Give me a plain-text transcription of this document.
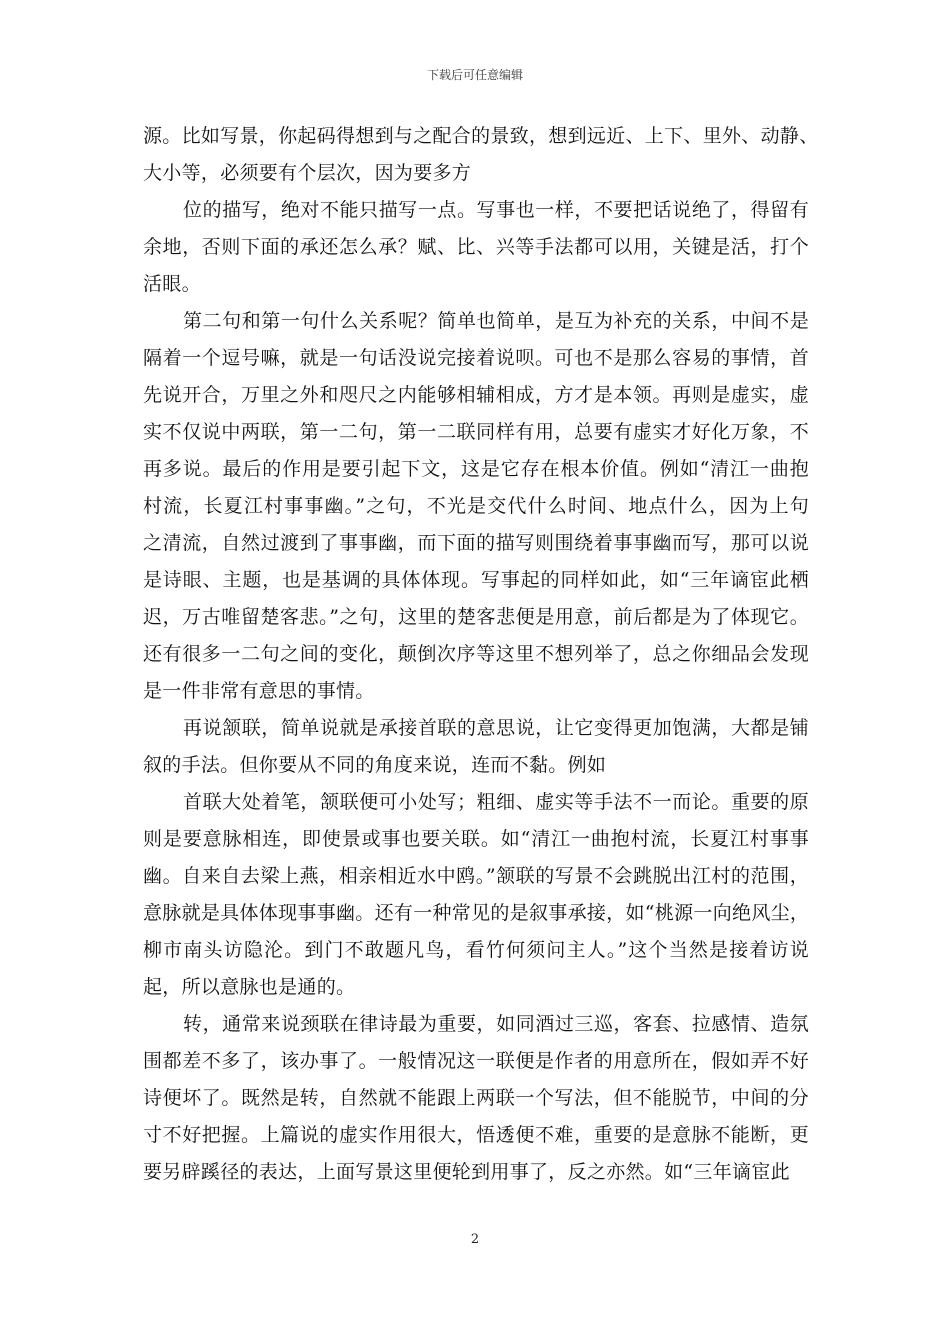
下载后可任意编辑
源。比如写景，你起码得想到与之配合的景致，想到远近、上下、里外、动静、
大小等，必须要有个层次，因为要多方
位的描写，绝对不能只描写一点。写事也一样，不要把话说绝了，得留有
余地，否则下面的承还怎么承？赋、比、兴等手法都可以用，关键是活，打个
活眼。
第二句和第一句什么关系呢？简单也简单，是互为补充的关系，中间不是
隔着一个逗号嘛，就是一句话没说完接着说呗。可也不是那么容易的事情，首
先说开合，万里之外和咫尺之内能够相辅相成，方才是本领。再则是虚实，虚
实不仅说中两联，第一二句，第一二联同样有用，总要有虚实才好化万象，不
再多说。最后的作用是要引起下文，这是它存在根本价值。例如“清江一曲抱
村流，长夏江村事事幽。”之句，不光是交代什么时间、地点什么，因为上句
之清流，自然过渡到了事事幽，而下面的描写则围绕着事事幽而写，那可以说
是诗眼、主题，也是基调的具体体现。写事起的同样如此，如“三年谪宦此栖
迟，万古唯留楚客悲。”之句，这里的楚客悲便是用意，前后都是为了体现它。
还有很多一二句之间的变化，颠倒次序等这里不想列举了，总之你细品会发现
是一件非常有意思的事情。
再说颔联，简单说就是承接首联的意思说，让它变得更加饱满，大都是铺
叙的手法。但你要从不同的角度来说，连而不黏。例如
首联大处着笔，颔联便可小处写；粗细、虚实等手法不一而论。重要的原
则是要意脉相连，即使景或事也要关联。如“清江一曲抱村流，长夏江村事事
幽。自来自去梁上燕，相亲相近水中鸥。”颔联的写景不会跳脱出江村的范围，
意脉就是具体体现事事幽。还有一种常见的是叙事承接，如“桃源一向绝风尘，
柳市南头访隐沦。到门不敢题凡鸟，看竹何须问主人。”这个当然是接着访说
起，所以意脉也是通的。
转，通常来说颈联在律诗最为重要，如同酒过三巡，客套、拉感情、造氛
围都差不多了，该办事了。一般情况这一联便是作者的用意所在，假如弄不好
诗便坏了。既然是转，自然就不能跟上两联一个写法，但不能脱节，中间的分
寸不好把握。上篇说的虚实作用很大，悟透便不难，重要的是意脉不能断，更
要另辟蹊径的表达，上面写景这里便轮到用事了，反之亦然。如“三年谪宦此
2
